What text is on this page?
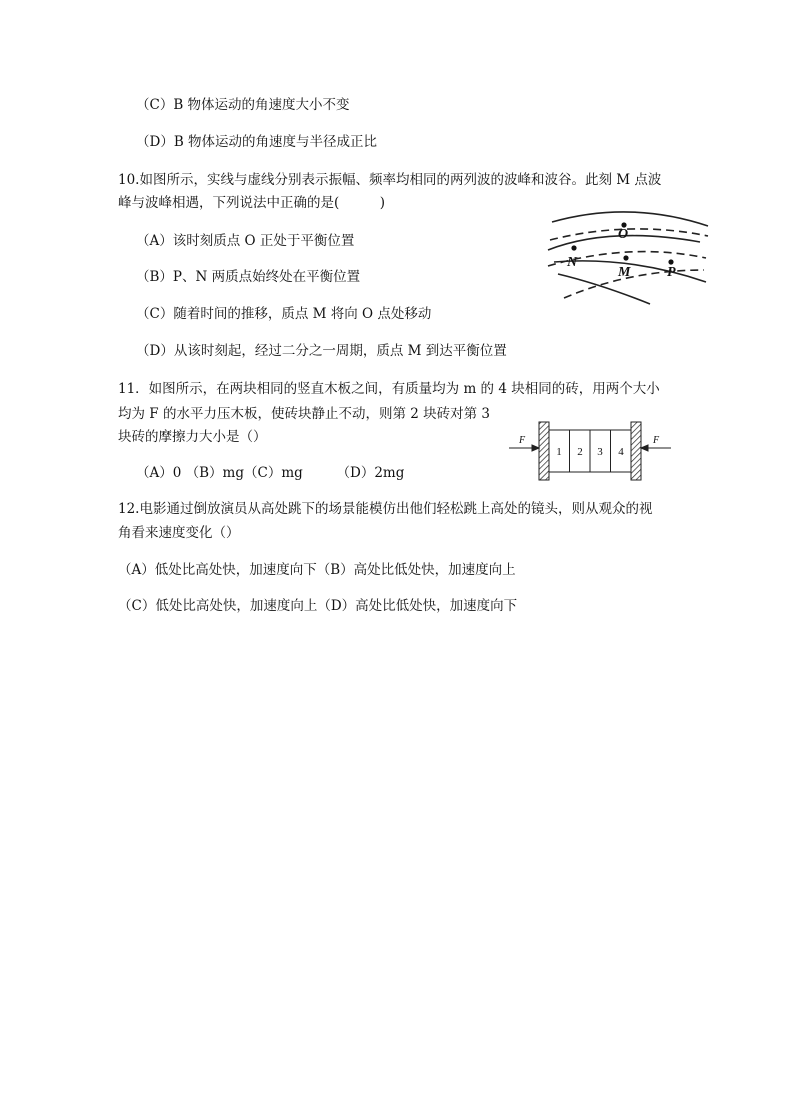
（C）B 物体运动的角速度大小不变
（D）B 物体运动的角速度与半径成正比
10.如图所示，实线与虚线分别表示振幅、频率均相同的两列波的波峰和波谷。此刻 M 点波
峰与波峰相遇，下列说法中正确的是(　　　)
（A）该时刻质点 O 正处于平衡位置
（B）P、N 两质点始终处在平衡位置
（C）随着时间的推移，质点 M 将向 O 点处移动
（D）从该时刻起，经过二分之一周期，质点 M 到达平衡位置
O
N
M	P
11．如图所示，在两块相同的竖直木板之间，有质量均为 m 的 4 块相同的砖，用两个大小
均为 F 的水平力压木板，使砖块静止不动，则第 2 块砖对第 3
块砖的摩擦力大小是（）
（A）0 （B）mg（C）mg　　　（D）2mg
1 2 3 4
F	F
12.电影通过倒放演员从高处跳下的场景能模仿出他们轻松跳上高处的镜头，则从观众的视
角看来速度变化（）
（A）低处比高处快，加速度向下（B）高处比低处快，加速度向上
（C）低处比高处快，加速度向上（D）高处比低处快，加速度向下
